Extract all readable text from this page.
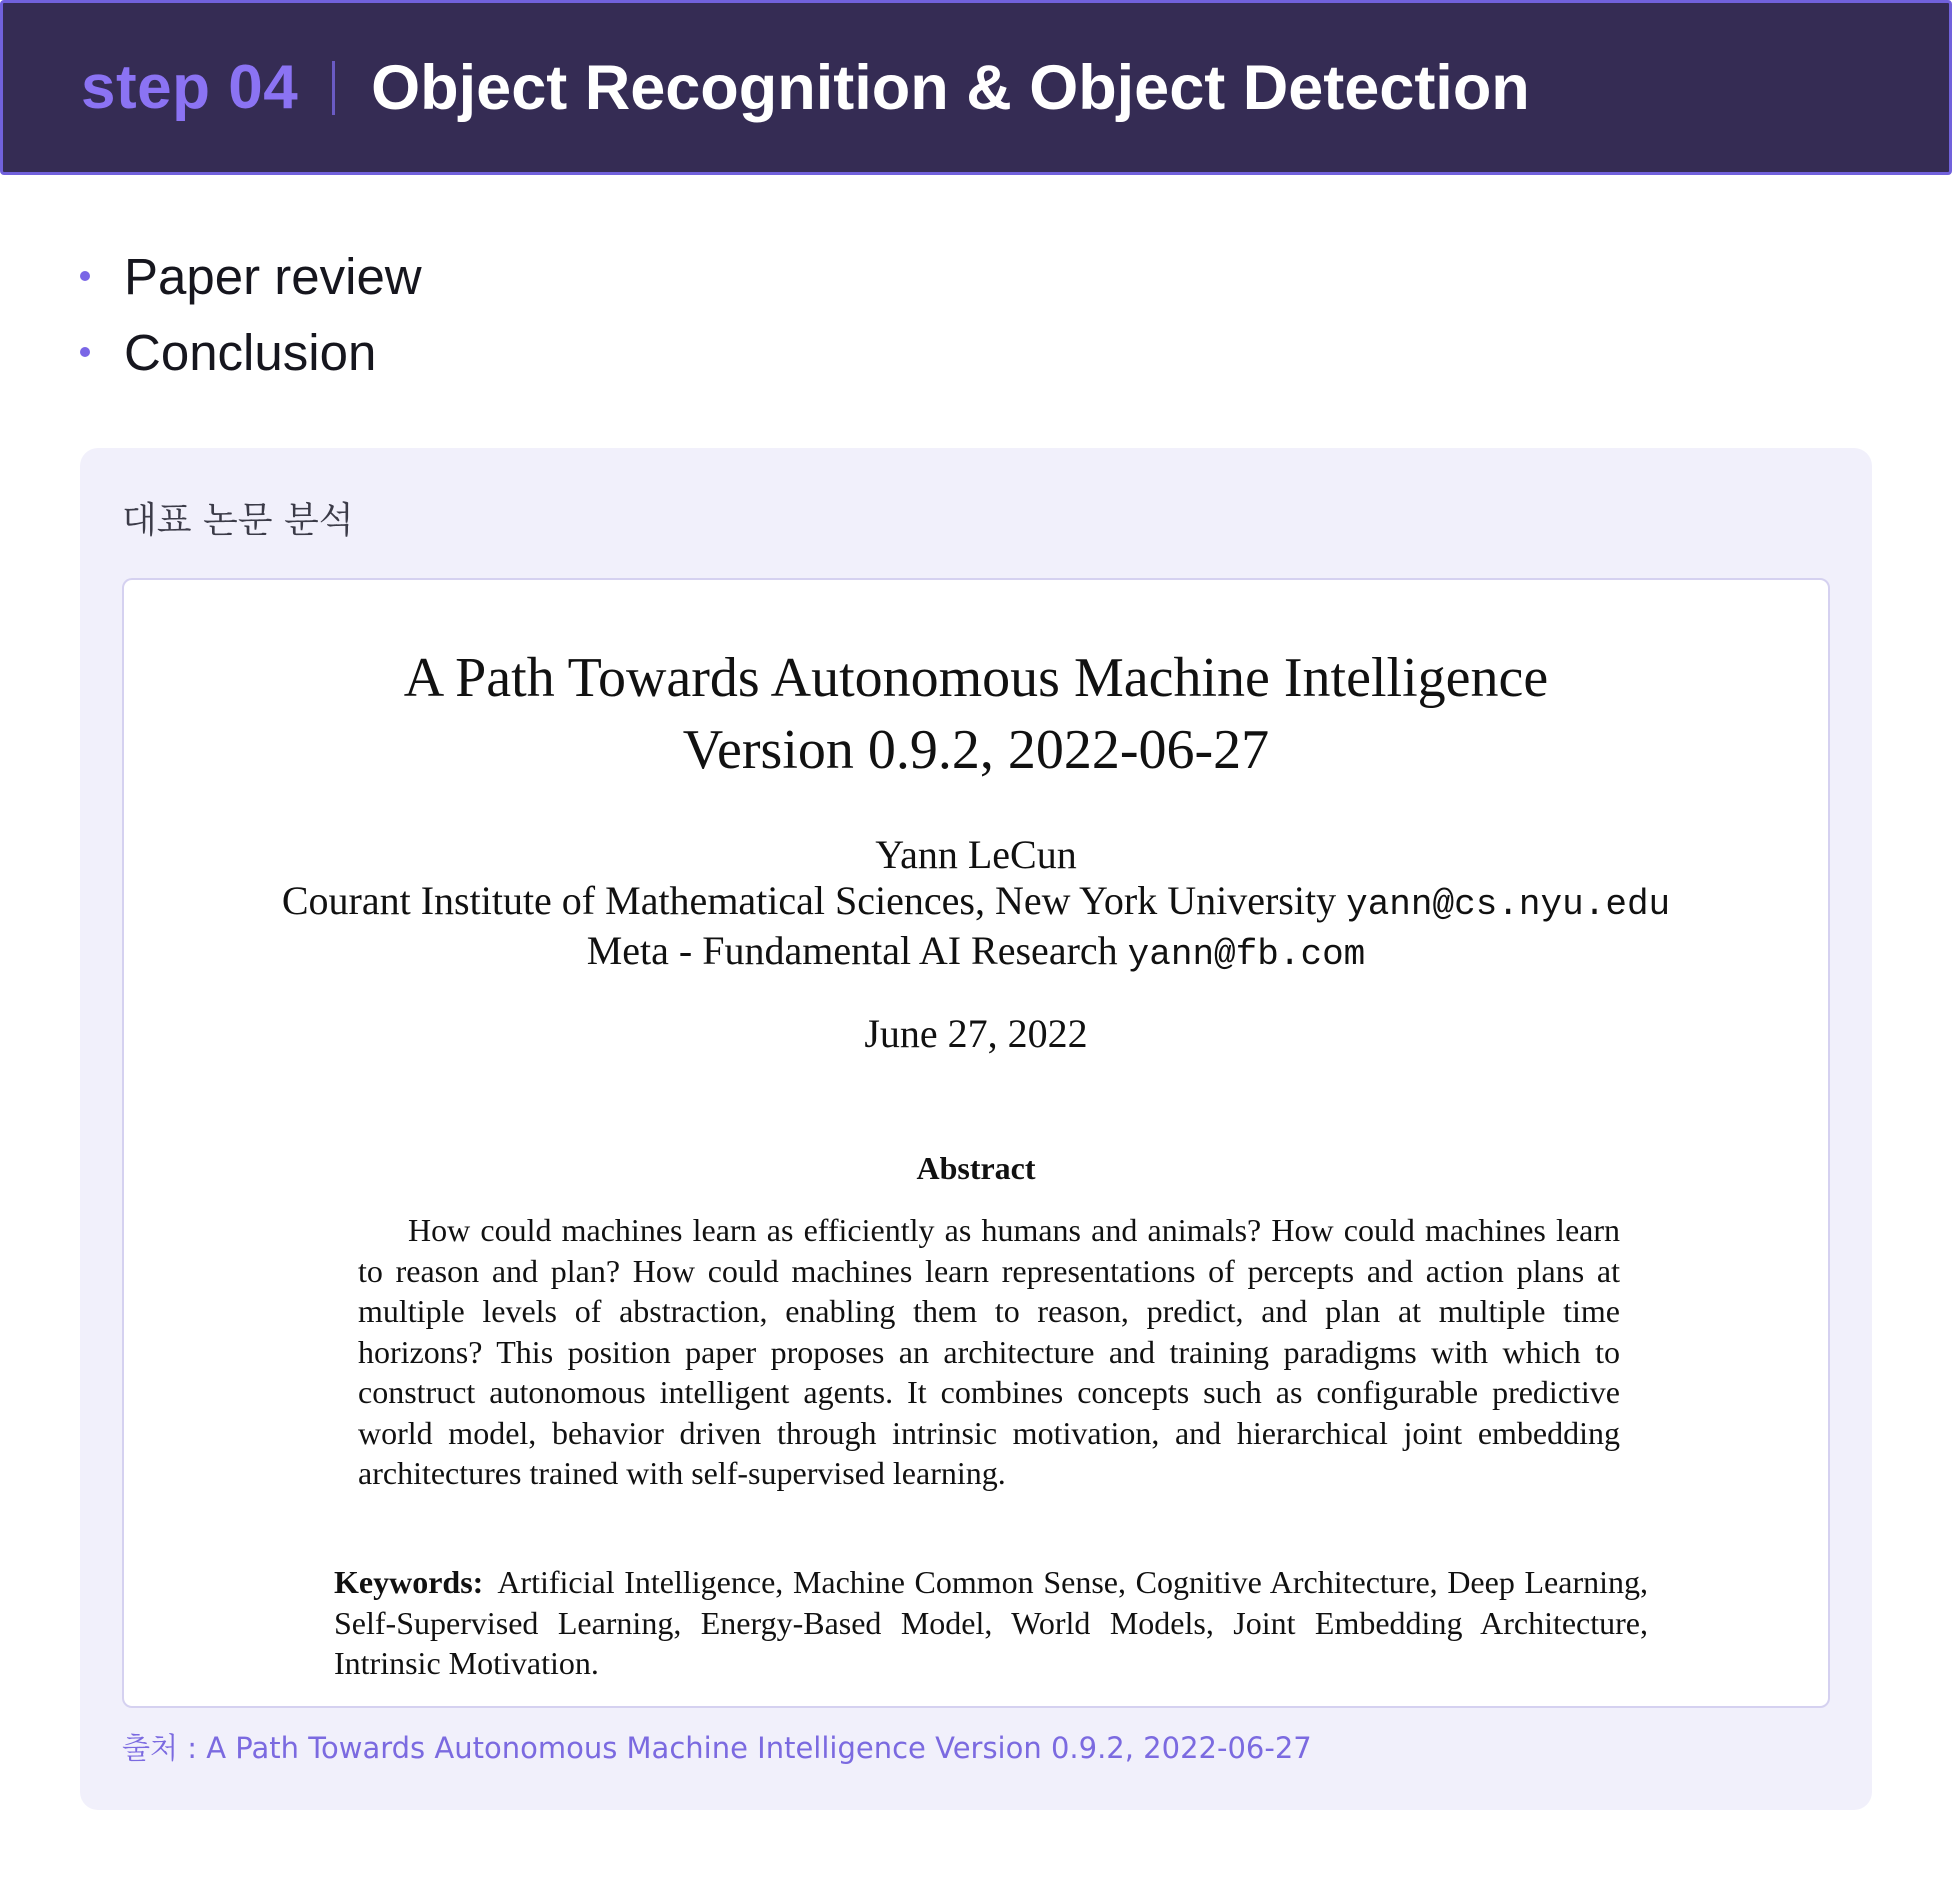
step 04 Object Recognition & Object Detection
Paper review
Conclusion
대표 논문 분석
A Path Towards Autonomous Machine Intelligence
Version 0.9.2, 2022-06-27
Yann LeCun
Courant Institute of Mathematical Sciences, New York University yann@cs.nyu.edu
Meta - Fundamental AI Research yann@fb.com
June 27, 2022
Abstract
How could machines learn as efficiently as humans and animals? How could machines learn to reason and plan? How could machines learn representations of percepts and action plans at multiple levels of abstraction, enabling them to reason, predict, and plan at multiple time horizons? This position paper proposes an architecture and training paradigms with which to construct autonomous intelligent agents. It combines concepts such as configurable predictive world model, behavior driven through intrinsic motivation, and hierarchical joint embedding architectures trained with self-supervised learning.
Keywords: Artificial Intelligence, Machine Common Sense, Cognitive Architecture, Deep Learning, Self-Supervised Learning, Energy-Based Model, World Models, Joint Embedding Architecture, Intrinsic Motivation.
출처 : A Path Towards Autonomous Machine Intelligence Version 0.9.2, 2022-06-27
